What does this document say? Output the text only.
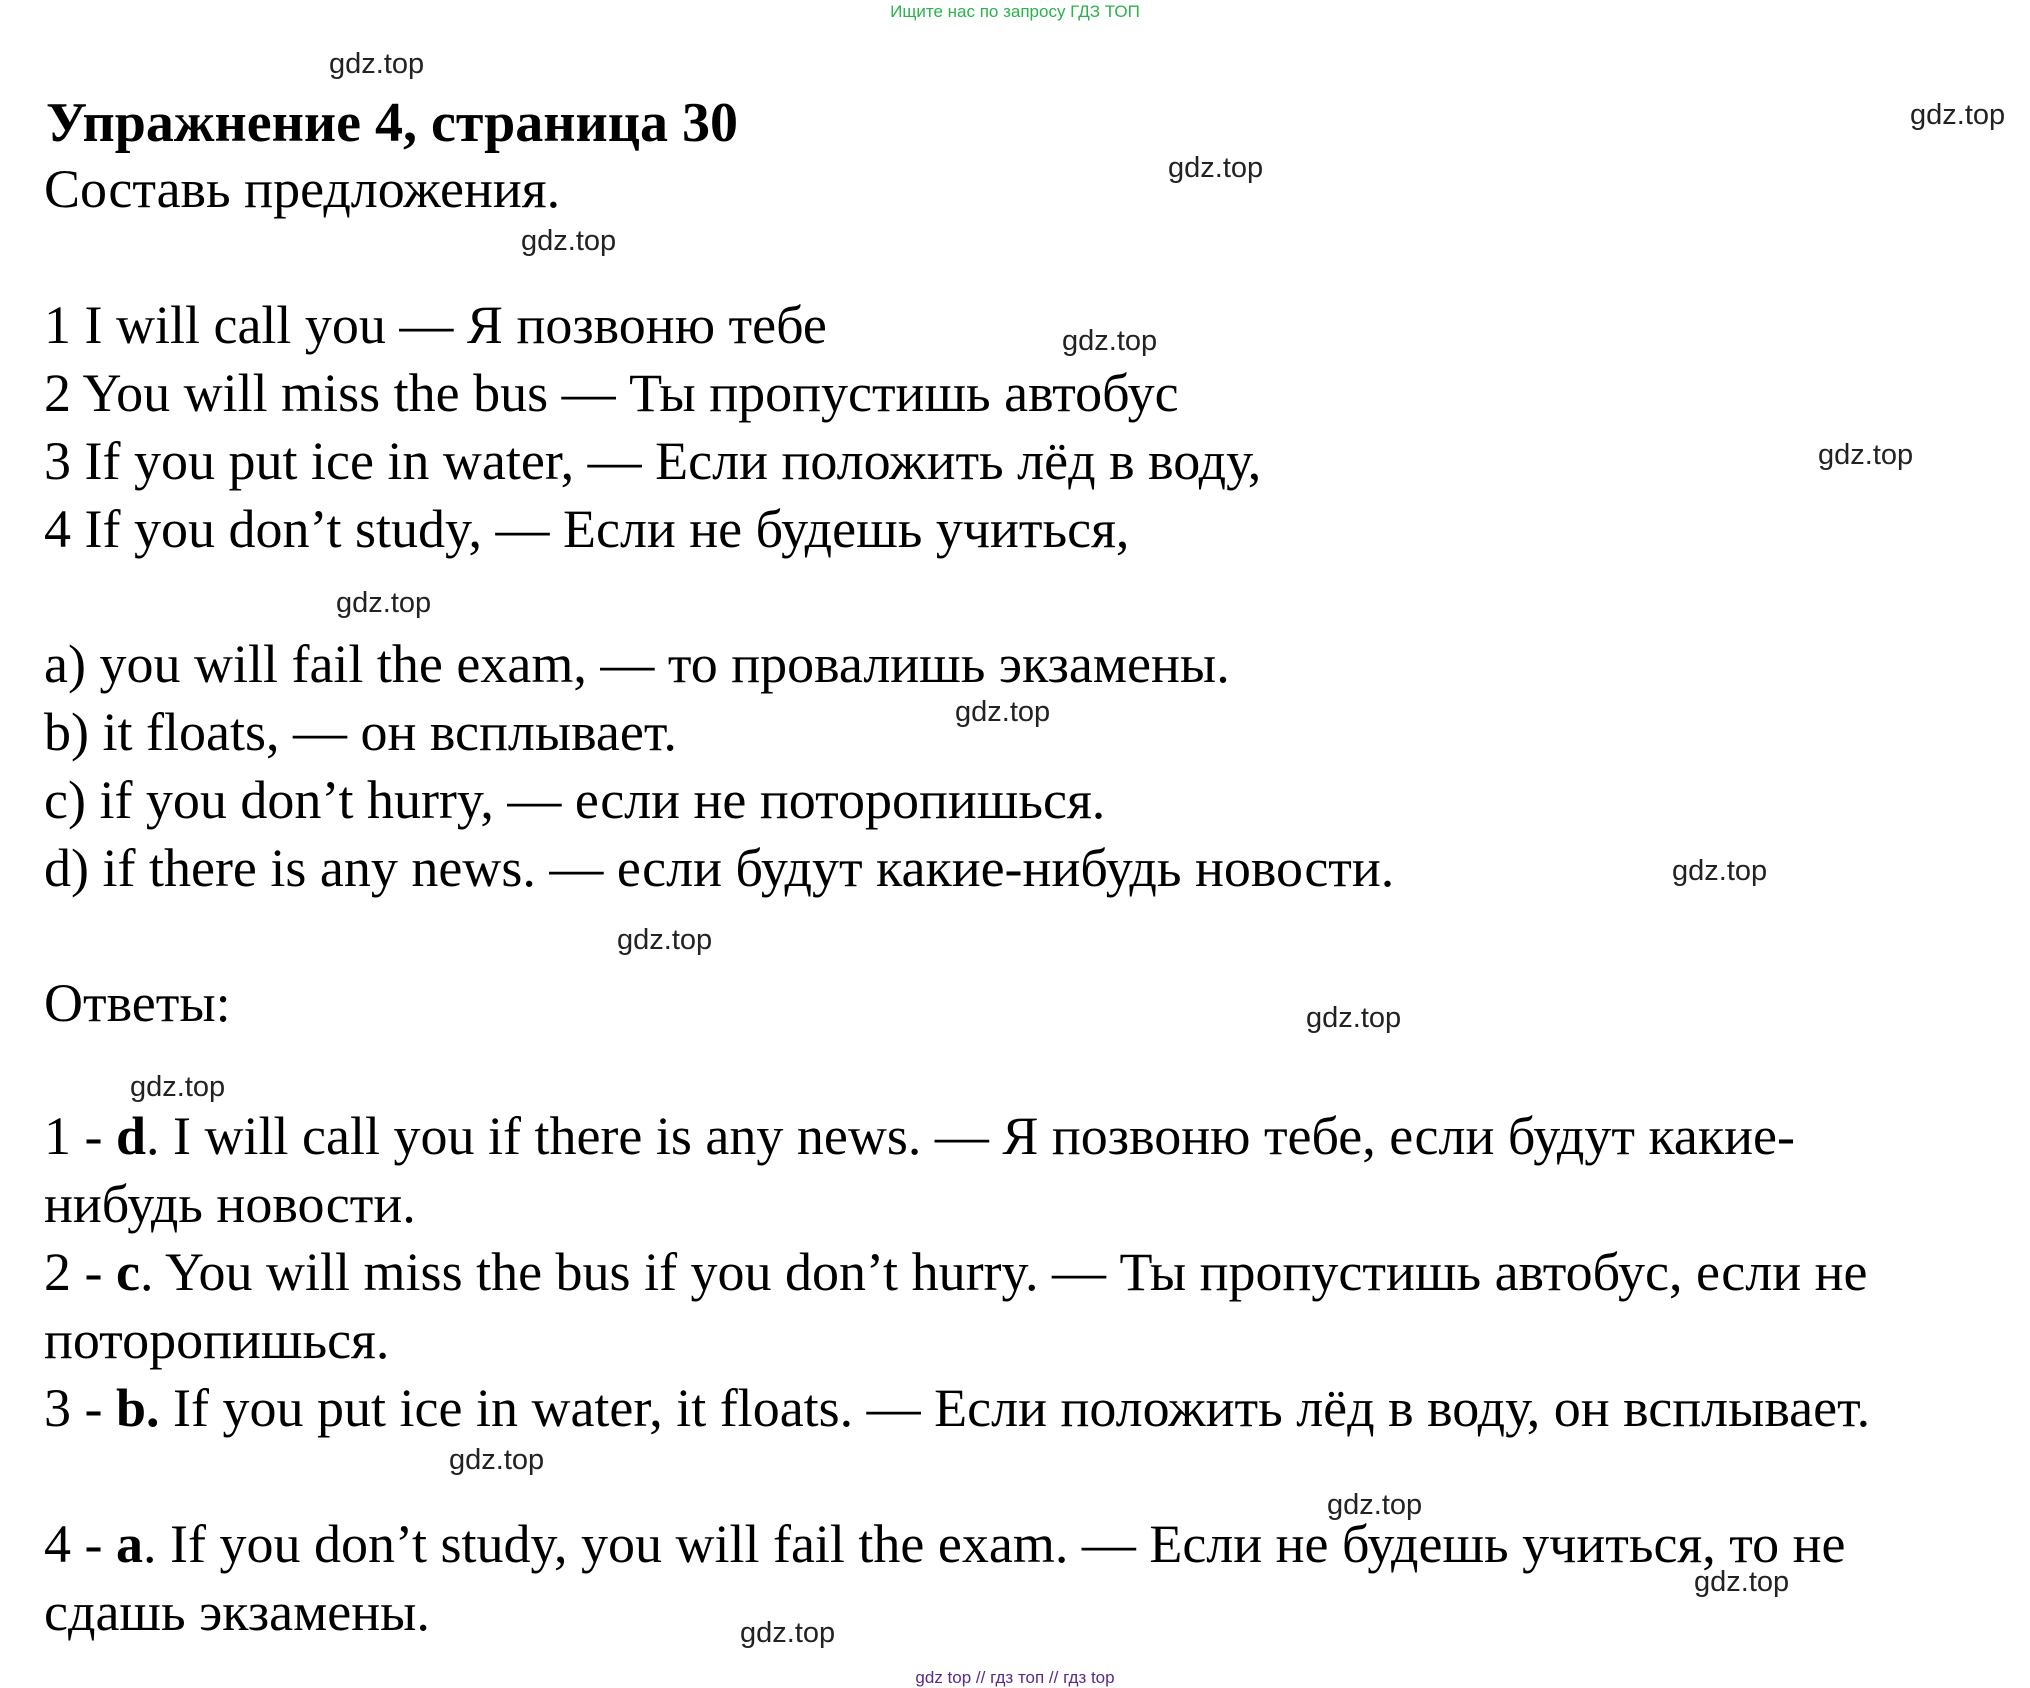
Ищите нас по запросу ГДЗ ТОП
Упражнение 4, страница 30
Составь предложения.
1 I will call you — Я позвоню тебе
2 You will miss the bus — Ты пропустишь автобус
3 If you put ice in water, — Если положить лёд в воду,
4 If you don’t study, — Если не будешь учиться,
a) you will fail the exam, — то провалишь экзамены.
b) it floats, — он всплывает.
c) if you don’t hurry, — если не поторопишься.
d) if there is any news. — если будут какие-нибудь новости.
Ответы:
1 - d. I will call you if there is any news. — Я позвоню тебе, если будут какие-нибудь новости.
2 - c. You will miss the bus if you don’t hurry. — Ты пропустишь автобус, если не поторопишься.
3 - b. If you put ice in water, it floats. — Если положить лёд в воду, он всплывает.
4 - a. If you don’t study, you will fail the exam. — Если не будешь учиться, то не сдашь экзамены.
gdz.top
gdz.top
gdz.top
gdz.top
gdz.top
gdz.top
gdz.top
gdz.top
gdz.top
gdz.top
gdz.top
gdz.top
gdz.top
gdz.top
gdz.top
gdz.top
gdz top // гдз топ // гдз top
